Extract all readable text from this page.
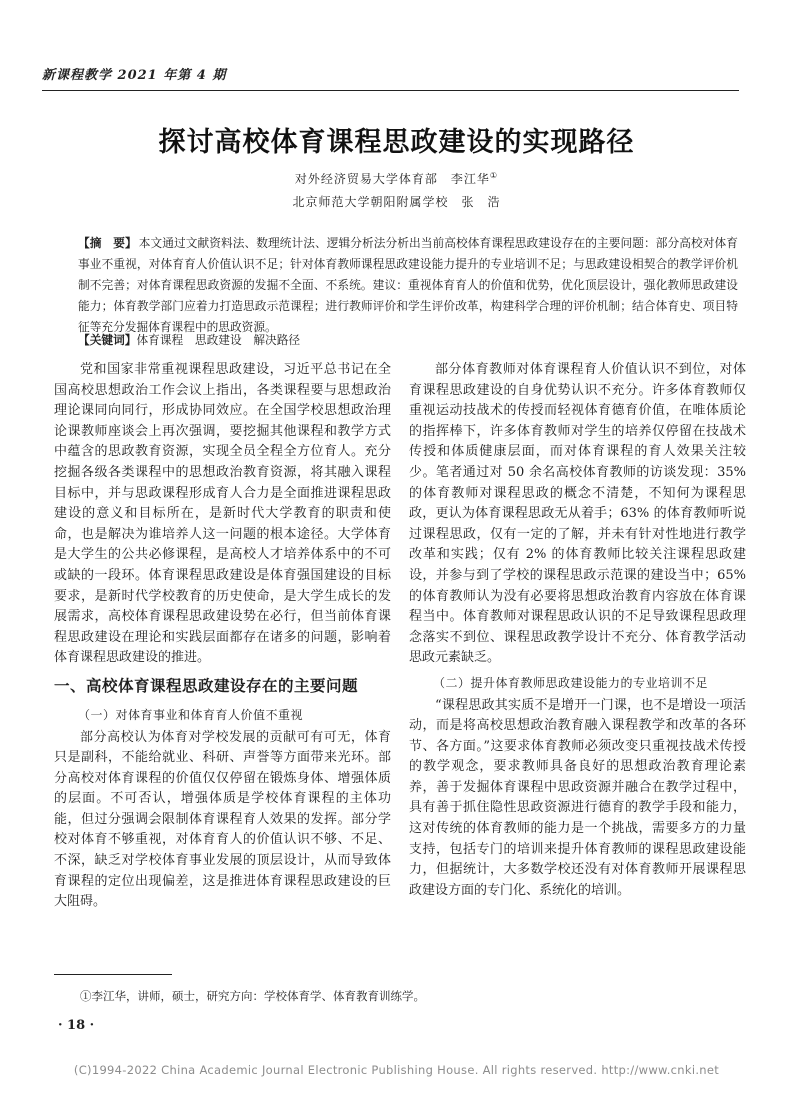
新课程教学 2021 年第 4 期
探讨高校体育课程思政建设的实现路径
对外经济贸易大学体育部　李江华①
北京师范大学朝阳附属学校　张　浩
【摘　要】 本文通过文献资料法、数理统计法、逻辑分析法分析出当前高校体育课程思政建设存在的主要问题：部分高校对体育事业不重视，对体育育人价值认识不足；针对体育教师课程思政建设能力提升的专业培训不足；与思政建设相契合的教学评价机制不完善；对体育课程思政资源的发掘不全面、不系统。建议：重视体育育人的价值和优势，优化顶层设计，强化教师思政建设能力；体育教学部门应着力打造思政示范课程；进行教师评价和学生评价改革，构建科学合理的评价机制；结合体育史、项目特征等充分发掘体育课程中的思政资源。
【关键词】体育课程　思政建设　解决路径

党和国家非常重视课程思政建设，习近平总书记在全国高校思想政治工作会议上指出，各类课程要与思想政治理论课同向同行，形成协同效应。在全国学校思想政治理论课教师座谈会上再次强调，要挖掘其他课程和教学方式中蕴含的思政教育资源，实现全员全程全方位育人。充分挖掘各级各类课程中的思想政治教育资源，将其融入课程目标中，并与思政课程形成育人合力是全面推进课程思政建设的意义和目标所在，是新时代大学教育的职责和使命，也是解决为谁培养人这一问题的根本途径。大学体育是大学生的公共必修课程，是高校人才培养体系中的不可或缺的一段环。体育课程思政建设是体育强国建设的目标要求，是新时代学校教育的历史使命，是大学生成长的发展需求，高校体育课程思政建设势在必行，但当前体育课程思政建设在理论和实践层面都存在诸多的问题，影响着体育课程思政建设的推进。

一、高校体育课程思政建设存在的主要问题
（一）对体育事业和体育育人价值不重视

部分高校认为体育对学校发展的贡献可有可无，体育只是副科，不能给就业、科研、声誉等方面带来光环。部分高校对体育课程的价值仅仅停留在锻炼身体、增强体质的层面。不可否认，增强体质是学校体育课程的主体功能，但过分强调会限制体育课程育人效果的发挥。部分学校对体育不够重视，对体育育人的价值认识不够、不足、不深，缺乏对学校体育事业发展的顶层设计，从而导致体育课程的定位出现偏差，这是推进体育课程思政建设的巨大阻碍。

部分体育教师对体育课程育人价值认识不到位，对体育课程思政建设的自身优势认识不充分。许多体育教师仅重视运动技战术的传授而轻视体育德育价值，在唯体质论的指挥棒下，许多体育教师对学生的培养仅停留在技战术传授和体质健康层面，而对体育课程的育人效果关注较少。笔者通过对 50 余名高校体育教师的访谈发现：35% 的体育教师对课程思政的概念不清楚，不知何为课程思政，更认为体育课程思政无从着手；63% 的体育教师听说过课程思政，仅有一定的了解，并未有针对性地进行教学改革和实践；仅有 2% 的体育教师比较关注课程思政建设，并参与到了学校的课程思政示范课的建设当中；65% 的体育教师认为没有必要将思想政治教育内容放在体育课程当中。体育教师对课程思政认识的不足导致课程思政理念落实不到位、课程思政教学设计不充分、体育教学活动思政元素缺乏。

（二）提升体育教师思政建设能力的专业培训不足

“课程思政其实质不是增开一门课，也不是增设一项活动，而是将高校思想政治教育融入课程教学和改革的各环节、各方面。”这要求体育教师必须改变只重视技战术传授的教学观念，要求教师具备良好的思想政治教育理论素养，善于发掘体育课程中思政资源并融合在教学过程中，具有善于抓住隐性思政资源进行德育的教学手段和能力，这对传统的体育教师的能力是一个挑战，需要多方的力量支持，包括专门的培训来提升体育教师的课程思政建设能力，但据统计，大多数学校还没有对体育教师开展课程思政建设方面的专门化、系统化的培训。

①李江华，讲师，硕士，研究方向：学校体育学、体育教育训练学。
· 18 ·
(C)1994-2022 China Academic Journal Electronic Publishing House. All rights reserved. http://www.cnki.net
